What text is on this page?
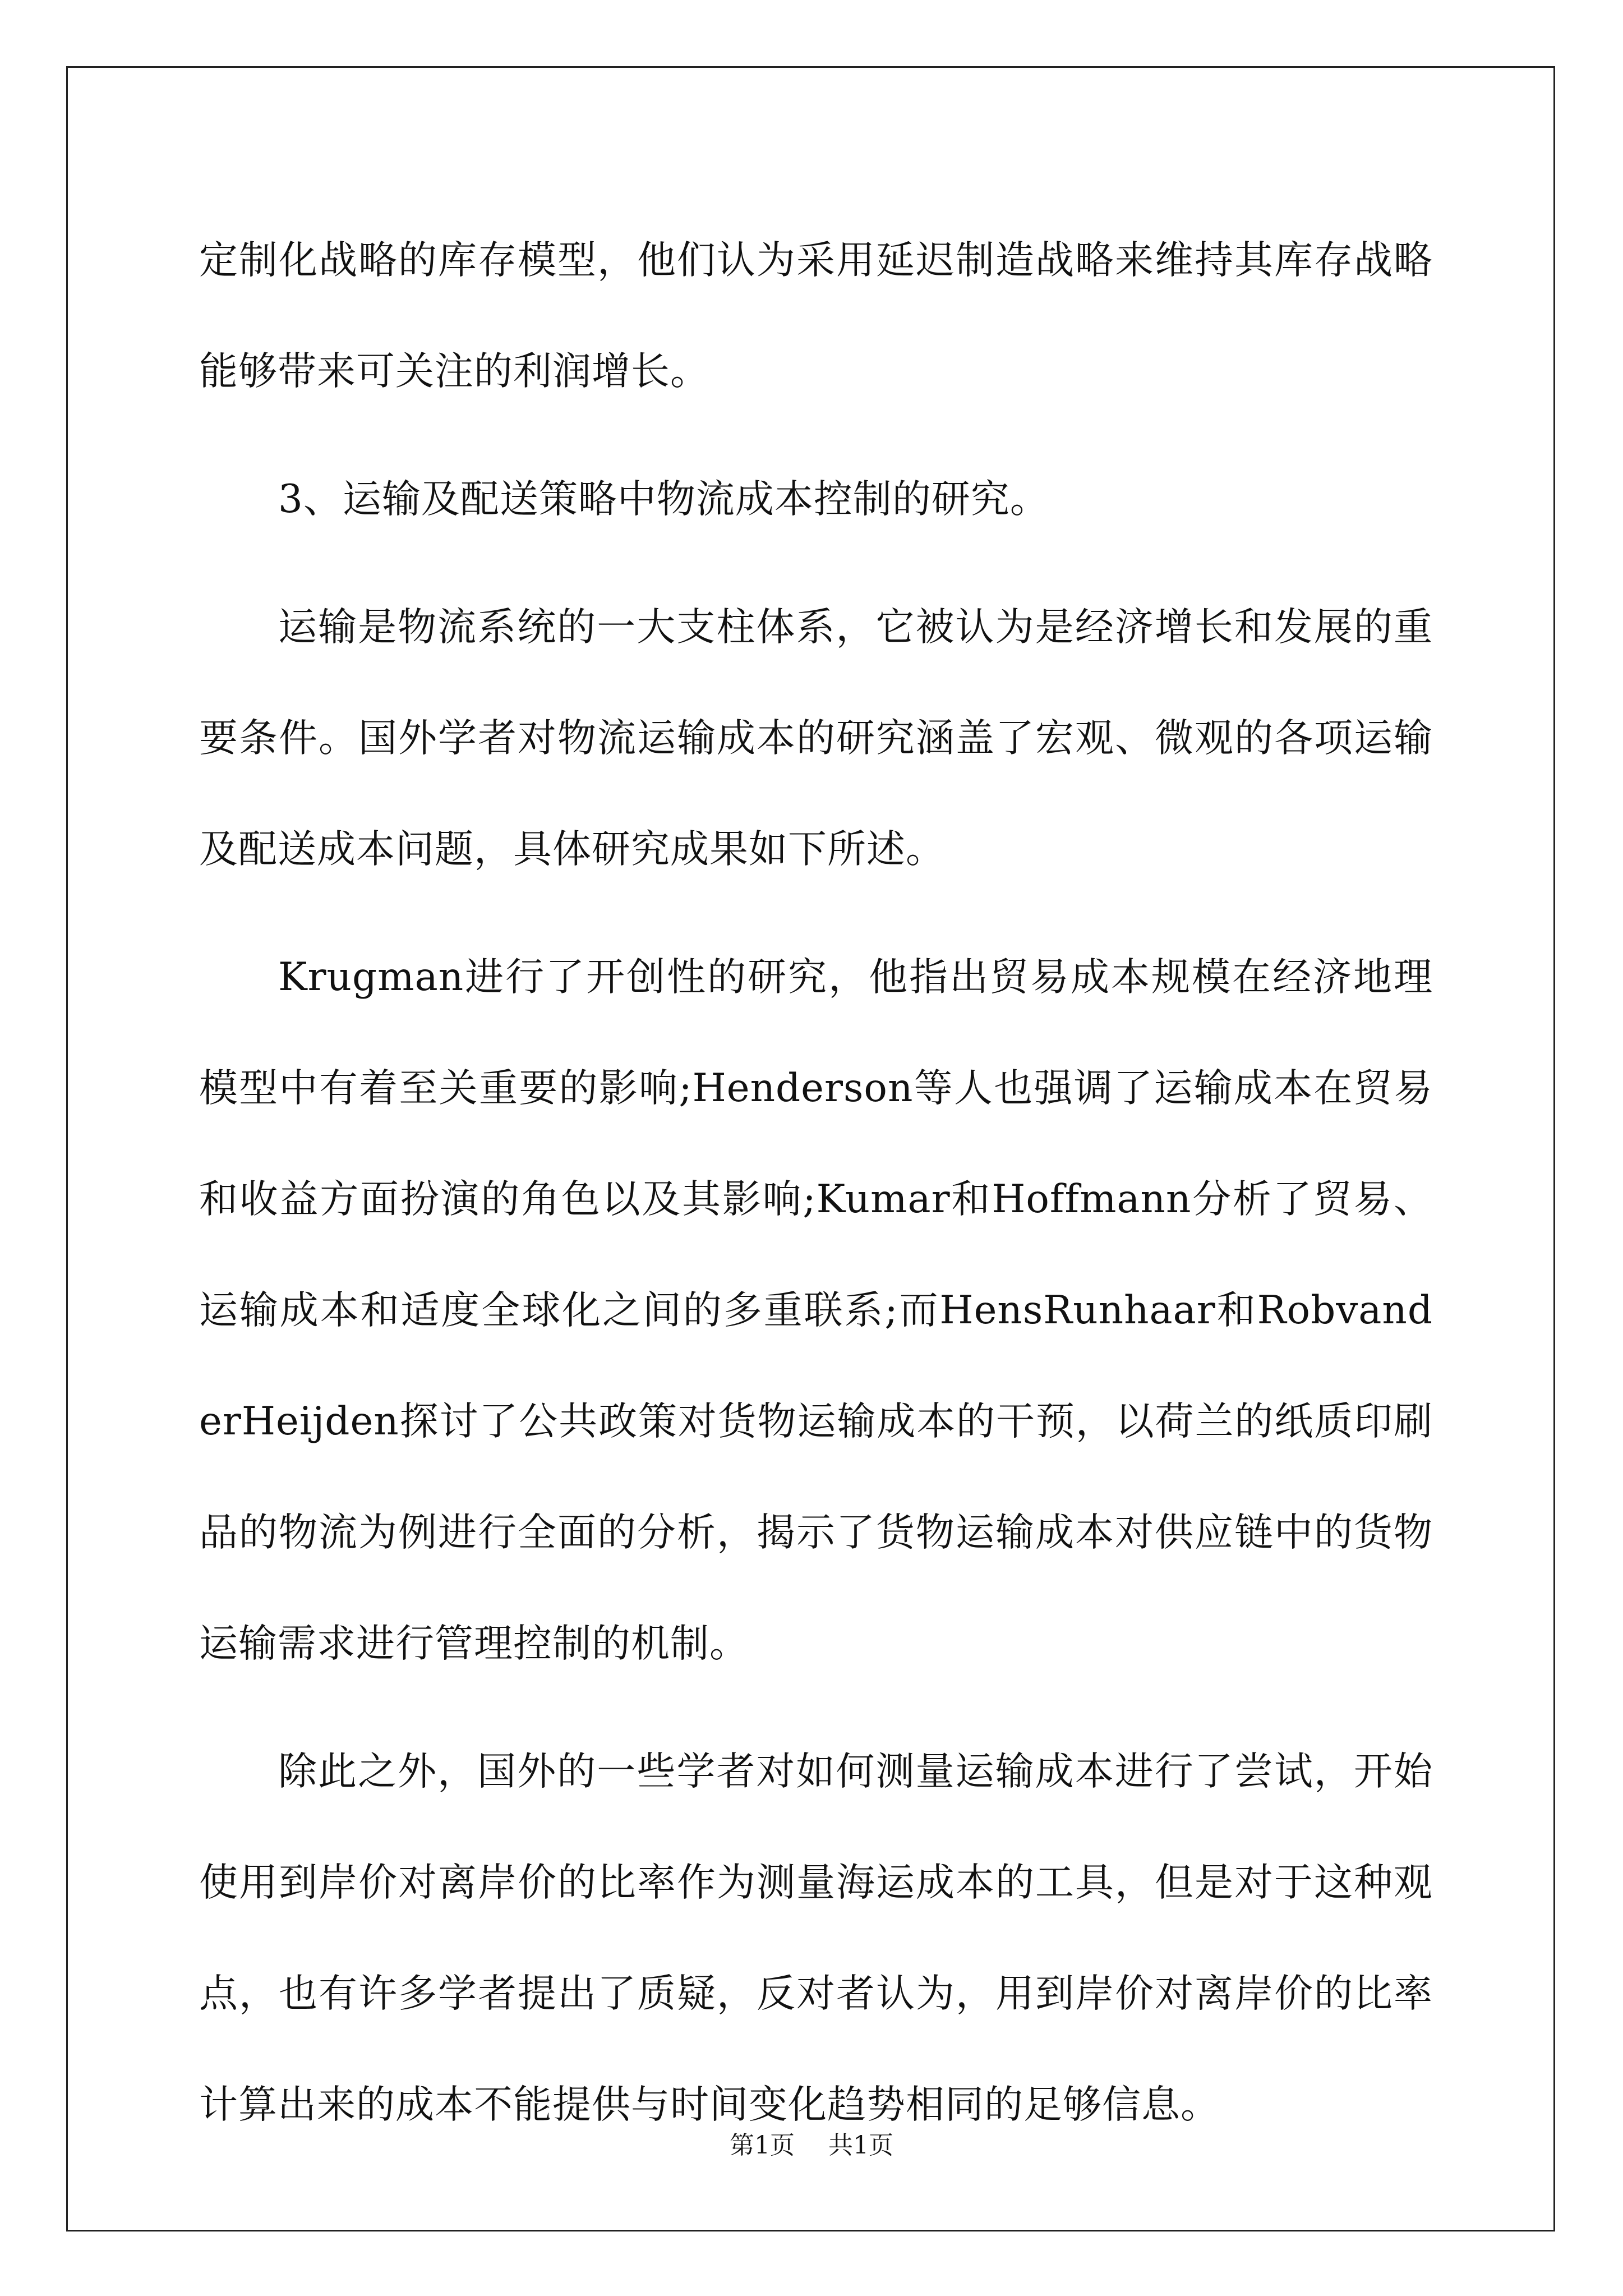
定制化战略的库存模型，他们认为采用延迟制造战略来维持其库存战略能够带来可关注的利润增长。

3、运输及配送策略中物流成本控制的研究。

运输是物流系统的一大支柱体系，它被认为是经济增长和发展的重要条件。国外学者对物流运输成本的研究涵盖了宏观、微观的各项运输及配送成本问题，具体研究成果如下所述。

Krugman进行了开创性的研究，他指出贸易成本规模在经济地理模型中有着至关重要的影响;Henderson等人也强调了运输成本在贸易和收益方面扮演的角色以及其影响;Kumar和Hoffmann分析了贸易、运输成本和适度全球化之间的多重联系;而HensRunhaar和RobvanderHeijden探讨了公共政策对货物运输成本的干预，以荷兰的纸质印刷品的物流为例进行全面的分析，揭示了货物运输成本对供应链中的货物运输需求进行管理控制的机制。

除此之外，国外的一些学者对如何测量运输成本进行了尝试，开始使用到岸价对离岸价的比率作为测量海运成本的工具，但是对于这种观点，也有许多学者提出了质疑，反对者认为，用到岸价对离岸价的比率计算出来的成本不能提供与时间变化趋势相同的足够信息。

第1页 共1页
